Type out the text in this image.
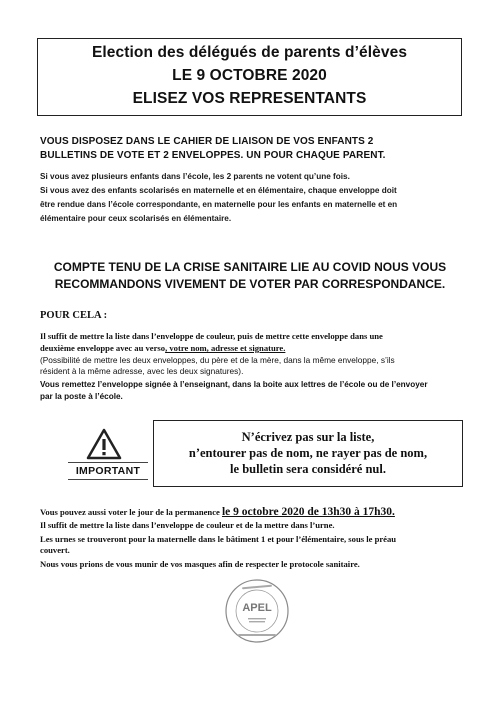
Election des délégués de parents d’élèves
LE 9 OCTOBRE 2020
ELISEZ VOS REPRESENTANTS
VOUS DISPOSEZ DANS LE CAHIER DE LIAISON DE VOS ENFANTS 2
BULLETINS DE VOTE ET 2 ENVELOPPES. UN POUR CHAQUE PARENT.
Si vous avez plusieurs enfants dans l’école, les 2 parents ne votent qu’une fois.
Si vous avez des enfants scolarisés en maternelle et en élémentaire, chaque enveloppe doit
être rendue dans l’école correspondante, en maternelle pour les enfants en maternelle et en
élémentaire pour ceux scolarisés en élémentaire.
COMPTE TENU DE LA CRISE SANITAIRE LIE AU COVID NOUS VOUS
RECOMMANDONS VIVEMENT DE VOTER PAR CORRESPONDANCE.
POUR CELA :
Il suffit de mettre la liste dans l’enveloppe de couleur, puis de mettre cette enveloppe dans une
deuxième enveloppe avec au verso, votre nom, adresse et signature.
(Possibilité de mettre les deux enveloppes, du père et de la mère, dans la même enveloppe, s’ils
résident à la même adresse, avec les deux signatures).
Vous remettez l’enveloppe signée à l’enseignant, dans la boite aux lettres de l’école ou de l’envoyer
par la poste à l’école.
IMPORTANT
N’écrivez pas sur la liste,
n’entourer pas de nom, ne rayer pas de nom,
le bulletin sera considéré nul.
Vous pouvez aussi voter le jour de la permanence le 9 octobre 2020 de 13h30 à 17h30.
Il suffit de mettre la liste dans l’enveloppe de couleur et de la mettre dans l’urne.
Les urnes se trouveront pour la maternelle dans le bâtiment 1 et pour l’élémentaire, sous le préau
couvert.
Nous vous prions de vous munir de vos masques afin de respecter le protocole sanitaire.
APEL
